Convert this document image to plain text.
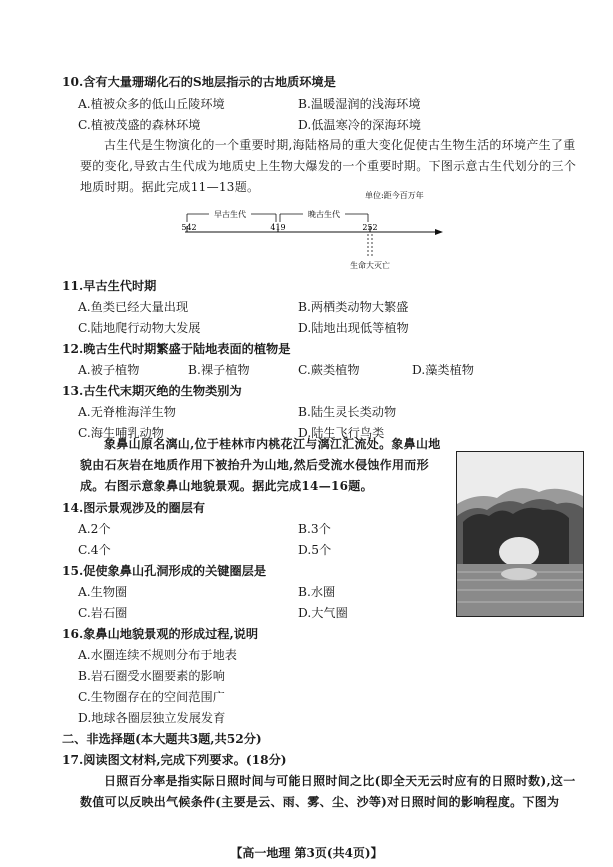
10.含有大量珊瑚化石的S地层指示的古地质环境是
A.植被众多的低山丘陵环境	B.温暖湿润的浅海环境
C.植被茂盛的森林环境	D.低温寒冷的深海环境
古生代是生物演化的一个重要时期,海陆格局的重大变化促使古生物生活的环境产生了重要的变化,导致古生代成为地质史上生物大爆发的一个重要时期。下图示意古生代划分的三个地质时期。据此完成11—13题。
单位:距今百万年
早古生代	晚古生代
542	419	252
生命大灭亡
11.早古生代时期
A.鱼类已经大量出现	B.两栖类动物大繁盛
C.陆地爬行动物大发展	D.陆地出现低等植物
12.晚古生代时期繁盛于陆地表面的植物是
A.被子植物	B.裸子植物	C.蕨类植物	D.藻类植物
13.古生代末期灭绝的生物类别为
A.无脊椎海洋生物	B.陆生灵长类动物
C.海生哺乳动物	D.陆生飞行鸟类
象鼻山原名漓山,位于桂林市内桃花江与漓江汇流处。象鼻山地貌由石灰岩在地质作用下被抬升为山地,然后受流水侵蚀作用而形成。右图示意象鼻山地貌景观。据此完成14—16题。
14.图示景观涉及的圈层有
A.2个	B.3个
C.4个	D.5个
15.促使象鼻山孔洞形成的关键圈层是
A.生物圈	B.水圈
C.岩石圈	D.大气圈
16.象鼻山地貌景观的形成过程,说明
A.水圈连续不规则分布于地表
B.岩石圈受水圈要素的影响
C.生物圈存在的空间范围广
D.地球各圈层独立发展发育
二、非选择题(本大题共3题,共52分)
17.阅读图文材料,完成下列要求。(18分)
日照百分率是指实际日照时间与可能日照时间之比(即全天无云时应有的日照时数),这一数值可以反映出气候条件(主要是云、雨、雾、尘、沙等)对日照时间的影响程度。下图为
【高一地理 第3页(共4页)】
